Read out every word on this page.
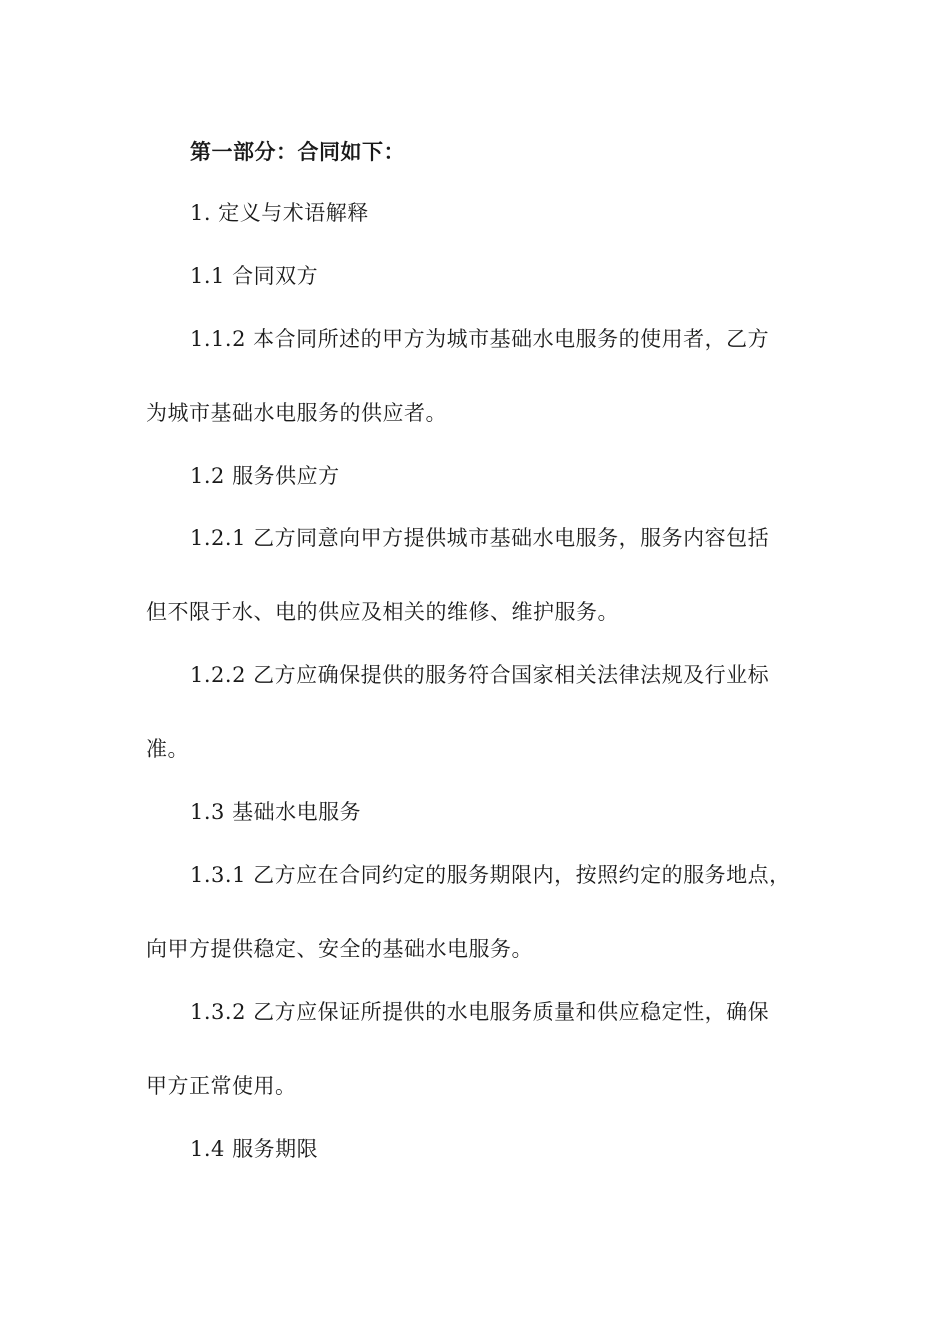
第一部分：合同如下：
1. 定义与术语解释
1.1 合同双方
1.1.2 本合同所述的甲方为城市基础水电服务的使用者，乙方
为城市基础水电服务的供应者。
1.2 服务供应方
1.2.1 乙方同意向甲方提供城市基础水电服务，服务内容包括
但不限于水、电的供应及相关的维修、维护服务。
1.2.2 乙方应确保提供的服务符合国家相关法律法规及行业标
准。
1.3 基础水电服务
1.3.1 乙方应在合同约定的服务期限内，按照约定的服务地点，
向甲方提供稳定、安全的基础水电服务。
1.3.2 乙方应保证所提供的水电服务质量和供应稳定性，确保
甲方正常使用。
1.4 服务期限
